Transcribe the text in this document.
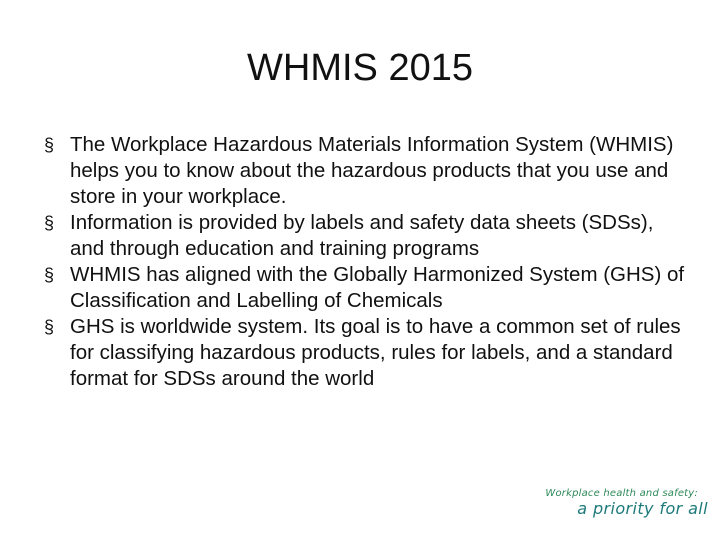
WHMIS 2015
§ The Workplace Hazardous Materials Information System (WHMIS) helps you to know about the hazardous products that you use and store in your workplace.
§ Information is provided by labels and safety data sheets (SDSs), and through education and training programs
§ WHMIS has aligned with the Globally Harmonized System (GHS) of Classification and Labelling of Chemicals
§ GHS is worldwide system. Its goal is to have a common set of rules for classifying hazardous products, rules for labels, and a standard format for SDSs around the world
Workplace health and safety:
a priority for all
